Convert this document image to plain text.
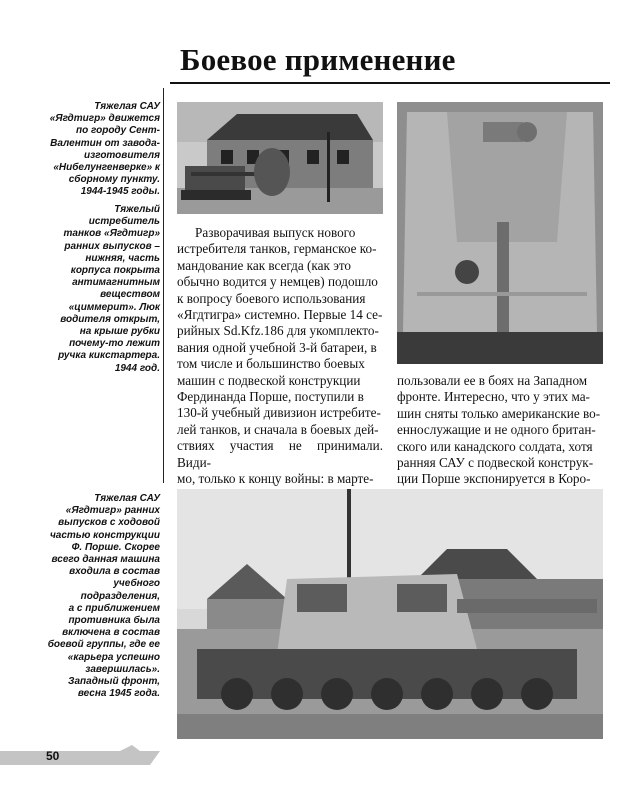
Боевое применение
Тяжелая САУ
«Ягдтигр» движется
по городу Сент-
Валентин от завода-
изготовителя
«Нибелунгенверке» к
сборному пункту.
1944-1945 годы.
Тяжелый истребитель
танков «Ягдтигр»
ранних выпусков –
нижняя, часть
корпуса покрыта
антимагнитным
веществом
«циммерит». Люк
водителя открыт,
на крыше рубки
почему-то лежит
ручка кикстартера.
1944 год.
Тяжелая САУ
«Ягдтигр» ранних
выпусков с ходовой
частью конструкции
Ф. Порше. Скорее
всего данная машина
входила в состав
учебного
подразделения,
а с приближением
противника была
включена в состав
боевой группы, где ее
«карьера успешно
завершилась».
Западный фронт,
весна 1945 года.

Разворачивая выпуск нового

истребителя танков, германское ко-

мандование как всегда (как это

обычно водится у немцев) подошло

к вопросу боевого использования

«Ягдтигра» системно. Первые 14 се-

рийных Sd.Kfz.186 для укомплекто-

вания одной учебной 3-й батареи, в

том числе и большинство боевых

машин с подвеской конструкции

Фердинанда Порше, поступили в

130-й учебный дивизион истребите-

лей танков, и сначала в боевых дей-

ствиях участия не принимали. Види-

мо, только к концу войны: в марте-

пользовали ее в боях на Западном

фронте. Интересно, что у этих ма-

шин сняты только американские во-

еннослужащие и не одного британ-

ского или канадского солдата, хотя

ранняя САУ с подвеской конструк-

ции Порше экспонируется в Коро-

50
